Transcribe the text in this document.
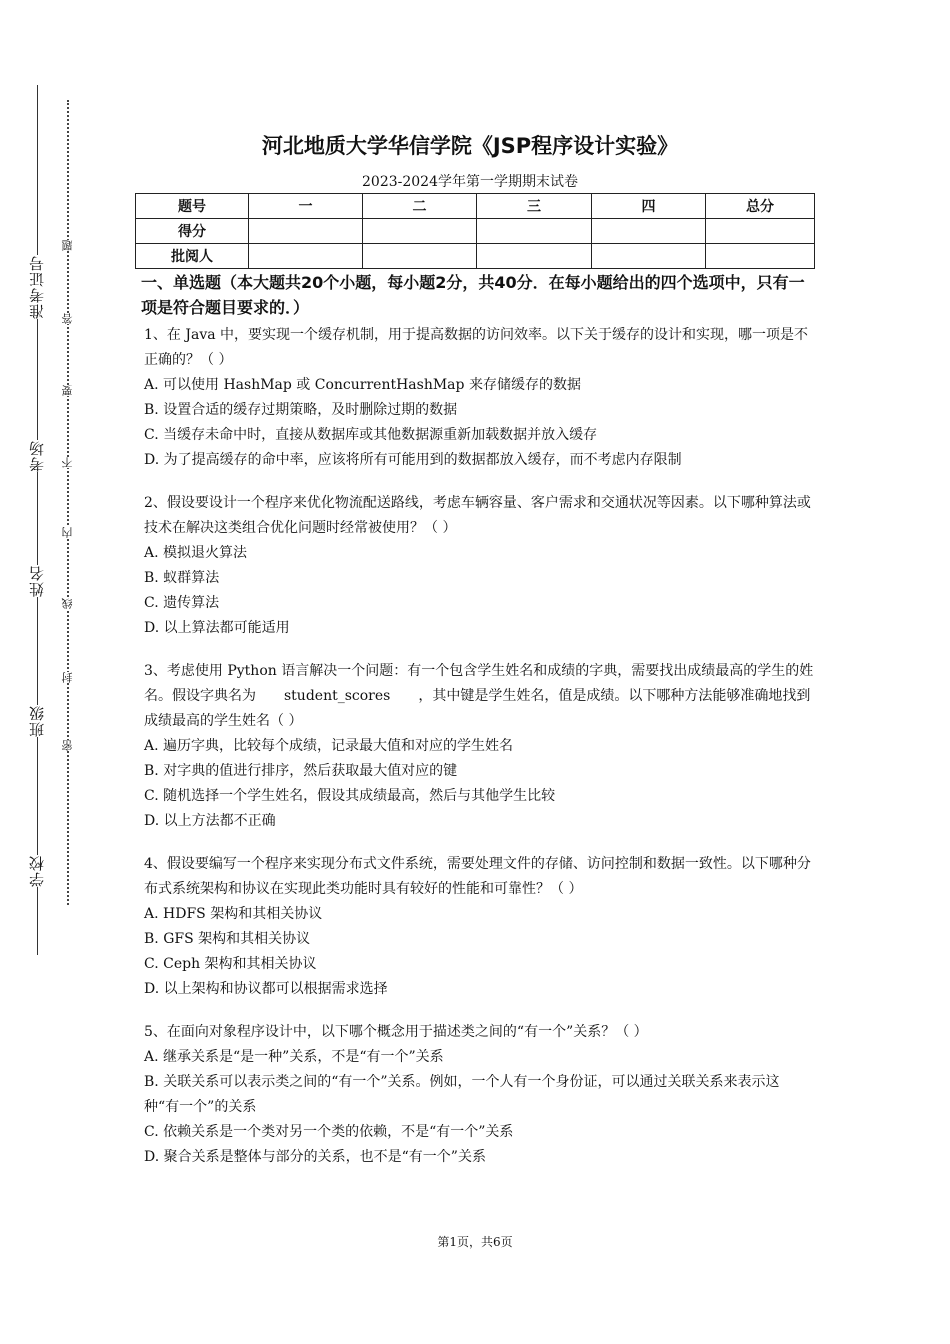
学校
班级
姓名
考场
准考证号
密
封
线
内
不
要
答
题
河北地质大学华信学院《JSP程序设计实验》
2023-2024学年第一学期期末试卷
题号	一	二	三	四	总分
得分					
批阅人					
一、单选题（本大题共20个小题，每小题2分，共40分．在每小题给出的四个选项中，只有一项是符合题目要求的．）
1、在 Java 中，要实现一个缓存机制，用于提高数据的访问效率。以下关于缓存的设计和实现，哪一项是不正确的？（ ）
A. 可以使用 HashMap 或 ConcurrentHashMap 来存储缓存的数据
B. 设置合适的缓存过期策略，及时删除过期的数据
C. 当缓存未命中时，直接从数据库或其他数据源重新加载数据并放入缓存
D. 为了提高缓存的命中率，应该将所有可能用到的数据都放入缓存，而不考虑内存限制
2、假设要设计一个程序来优化物流配送路线，考虑车辆容量、客户需求和交通状况等因素。以下哪种算法或技术在解决这类组合优化问题时经常被使用？（ ）
A. 模拟退火算法
B. 蚁群算法
C. 遗传算法
D. 以上算法都可能适用
3、考虑使用 Python 语言解决一个问题：有一个包含学生姓名和成绩的字典，需要找出成绩最高的学生的姓名。假设字典名为　　student_scores　　，其中键是学生姓名，值是成绩。以下哪种方法能够准确地找到成绩最高的学生姓名（ ）
A. 遍历字典，比较每个成绩，记录最大值和对应的学生姓名
B. 对字典的值进行排序，然后获取最大值对应的键
C. 随机选择一个学生姓名，假设其成绩最高，然后与其他学生比较
D. 以上方法都不正确
4、假设要编写一个程序来实现分布式文件系统，需要处理文件的存储、访问控制和数据一致性。以下哪种分布式系统架构和协议在实现此类功能时具有较好的性能和可靠性？（ ）
A. HDFS 架构和其相关协议
B. GFS 架构和其相关协议
C. Ceph 架构和其相关协议
D. 以上架构和协议都可以根据需求选择
5、在面向对象程序设计中，以下哪个概念用于描述类之间的“有一个”关系？（ ）
A. 继承关系是“是一种”关系，不是“有一个”关系
B. 关联关系可以表示类之间的“有一个”关系。例如，一个人有一个身份证，可以通过关联关系来表示这种“有一个”的关系
C. 依赖关系是一个类对另一个类的依赖，不是“有一个”关系
D. 聚合关系是整体与部分的关系，也不是“有一个”关系
第1页，共6页
